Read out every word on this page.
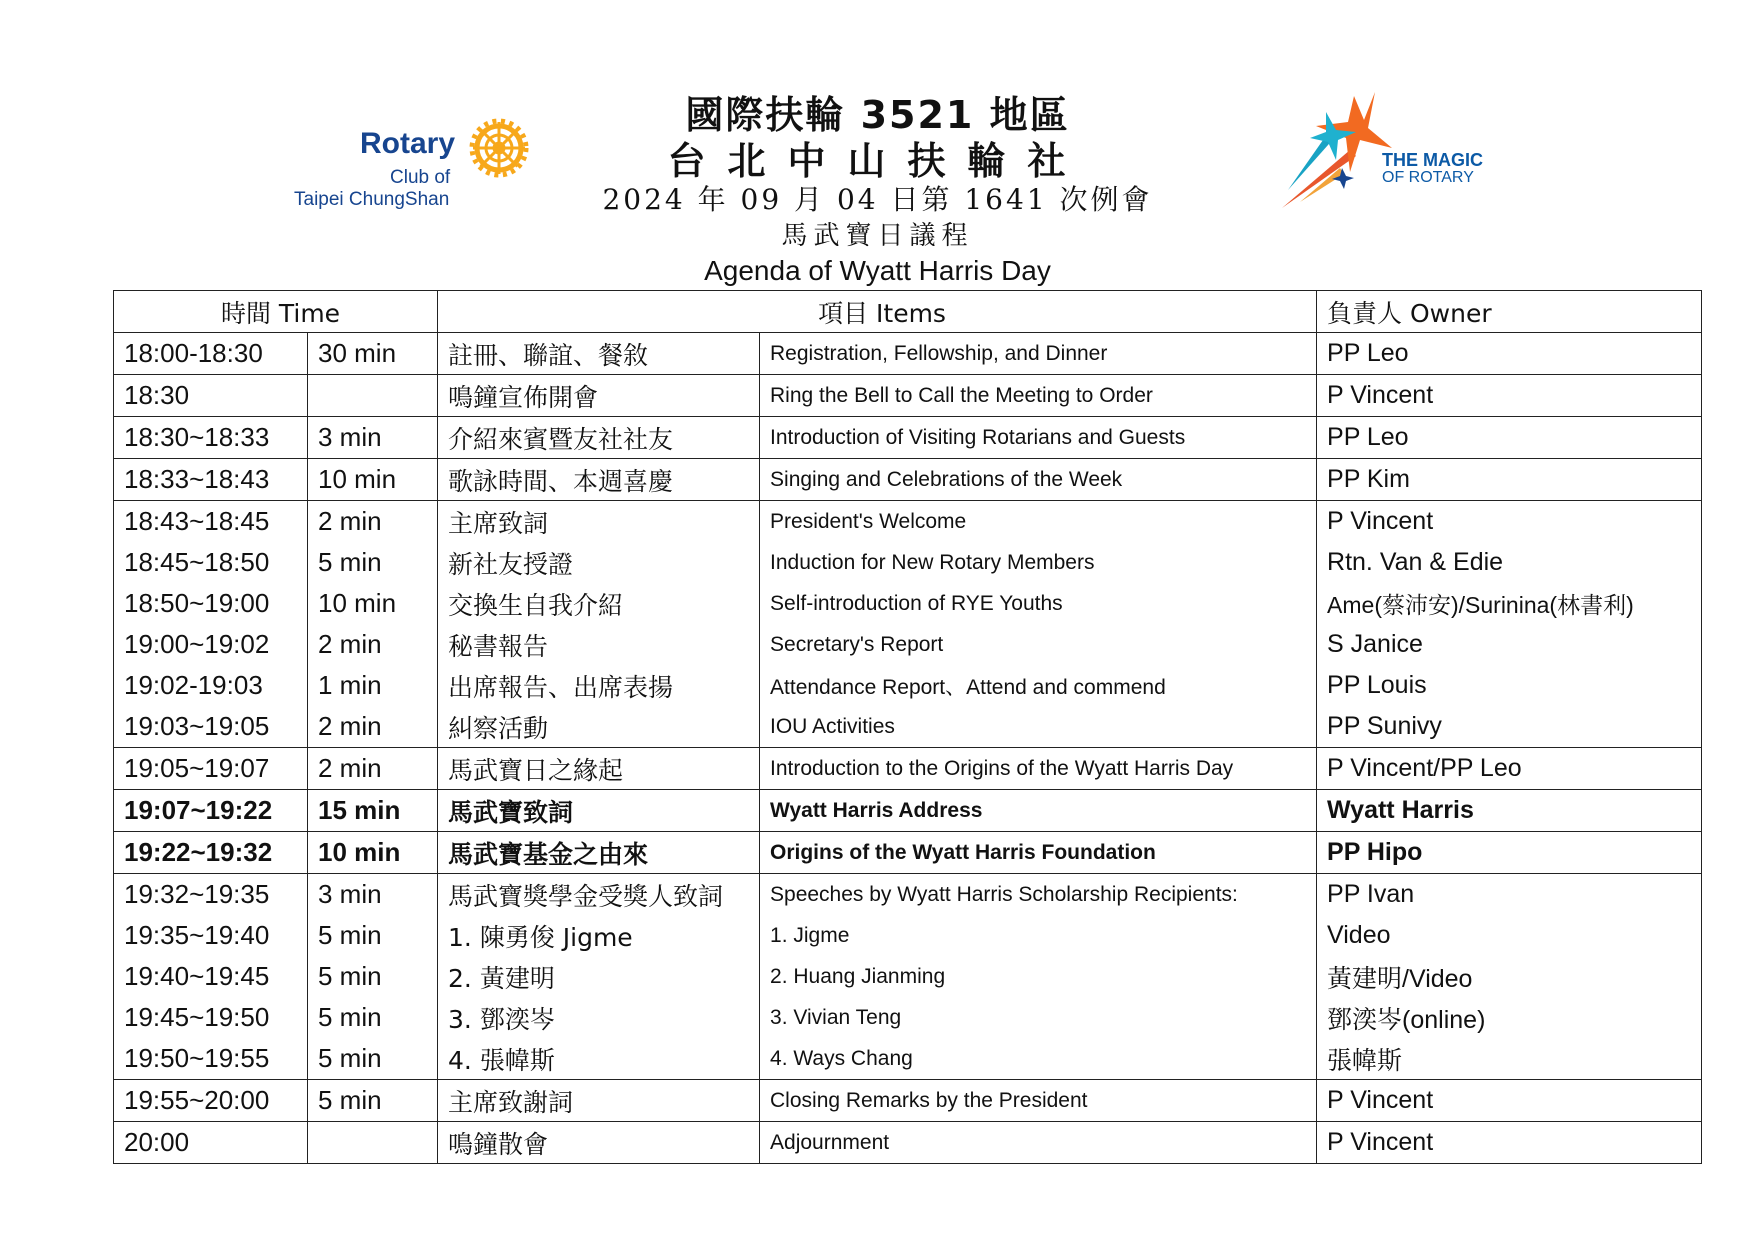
國際扶輪 3521 地區
台北中山扶輪社
2024 年 09 月 04 日第 1641 次例會
馬武寶日議程
Agenda of Wyatt Harris Day
Rotary
Club of
Taipei ChungShan
THE MAGIC
OF ROTARY
時間 Time		項目 Items		負責人 Owner
18:00-18:30	30 min	註冊、聯誼、餐敘	Registration, Fellowship, and Dinner	PP Leo
18:30		鳴鐘宣佈開會	Ring the Bell to Call the Meeting to Order	P Vincent
18:30~18:33	3 min	介紹來賓暨友社社友	Introduction of Visiting Rotarians and Guests	PP Leo
18:33~18:43	10 min	歌詠時間、本週喜慶	Singing and Celebrations of the Week	PP Kim
18:43~18:45	2 min	主席致詞	President's Welcome	P Vincent
18:45~18:50	5 min	新社友授證	Induction for New Rotary Members	Rtn. Van & Edie
18:50~19:00	10 min	交換生自我介紹	Self-introduction of RYE Youths	Ame(蔡沛安)/Surinina(林書利)
19:00~19:02	2 min	秘書報告	Secretary's Report	S Janice
19:02-19:03	1 min	出席報告、出席表揚	Attendance Report、Attend and commend	PP Louis
19:03~19:05	2 min	糾察活動	IOU Activities	PP Sunivy
19:05~19:07	2 min	馬武寶日之緣起	Introduction to the Origins of the Wyatt Harris Day	P Vincent/PP Leo
19:07~19:22	15 min	馬武寶致詞	Wyatt Harris Address	Wyatt Harris
19:22~19:32	10 min	馬武寶基金之由來	Origins of the Wyatt Harris Foundation	PP Hipo
19:32~19:35	3 min	馬武寶獎學金受獎人致詞	Speeches by Wyatt Harris Scholarship Recipients:	PP Ivan
19:35~19:40	5 min	1. 陳勇俊 Jigme	1. Jigme	Video
19:40~19:45	5 min	2. 黃建明	2. Huang Jianming	黃建明/Video
19:45~19:50	5 min	3. 鄧湙岑	3. Vivian Teng	鄧湙岑(online)
19:50~19:55	5 min	4. 張幃斯	4. Ways Chang	張幃斯
19:55~20:00	5 min	主席致謝詞	Closing Remarks by the President	P Vincent
20:00		鳴鐘散會	Adjournment	P Vincent
